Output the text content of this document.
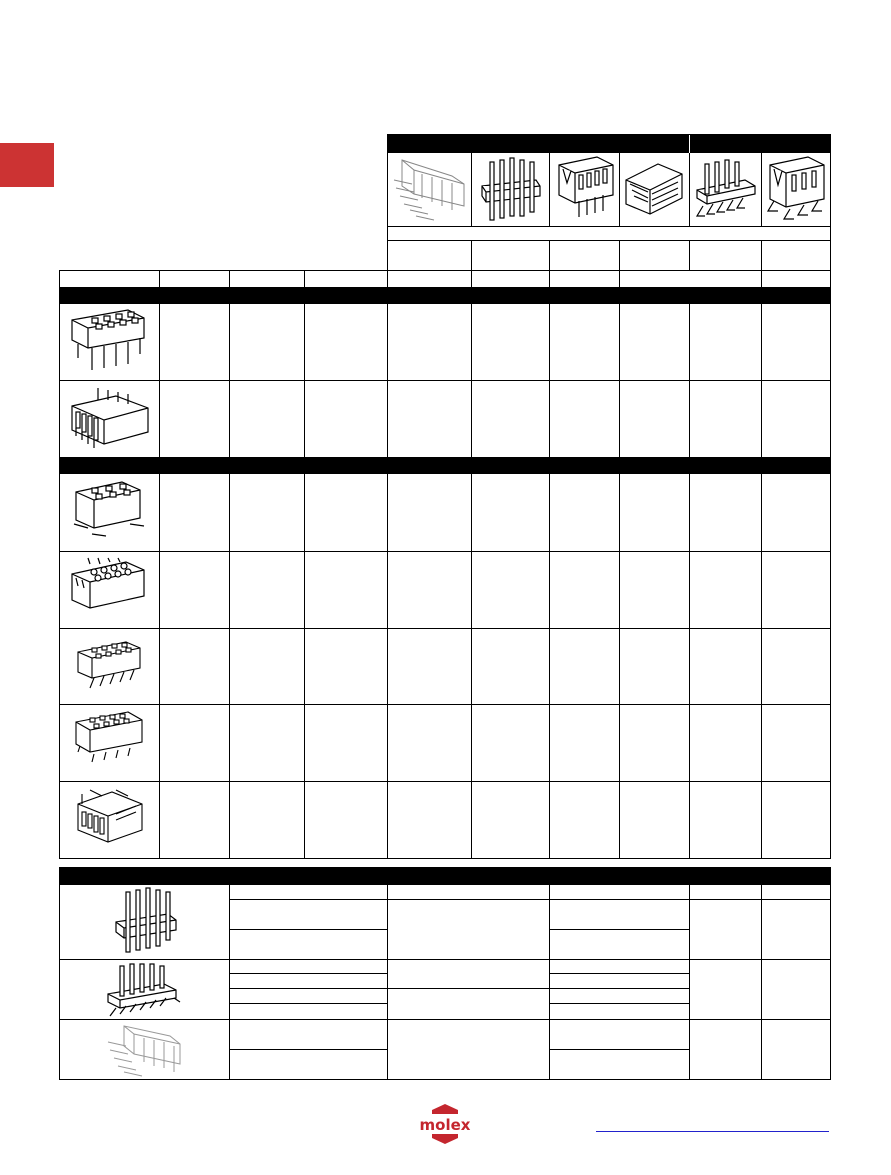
molex
